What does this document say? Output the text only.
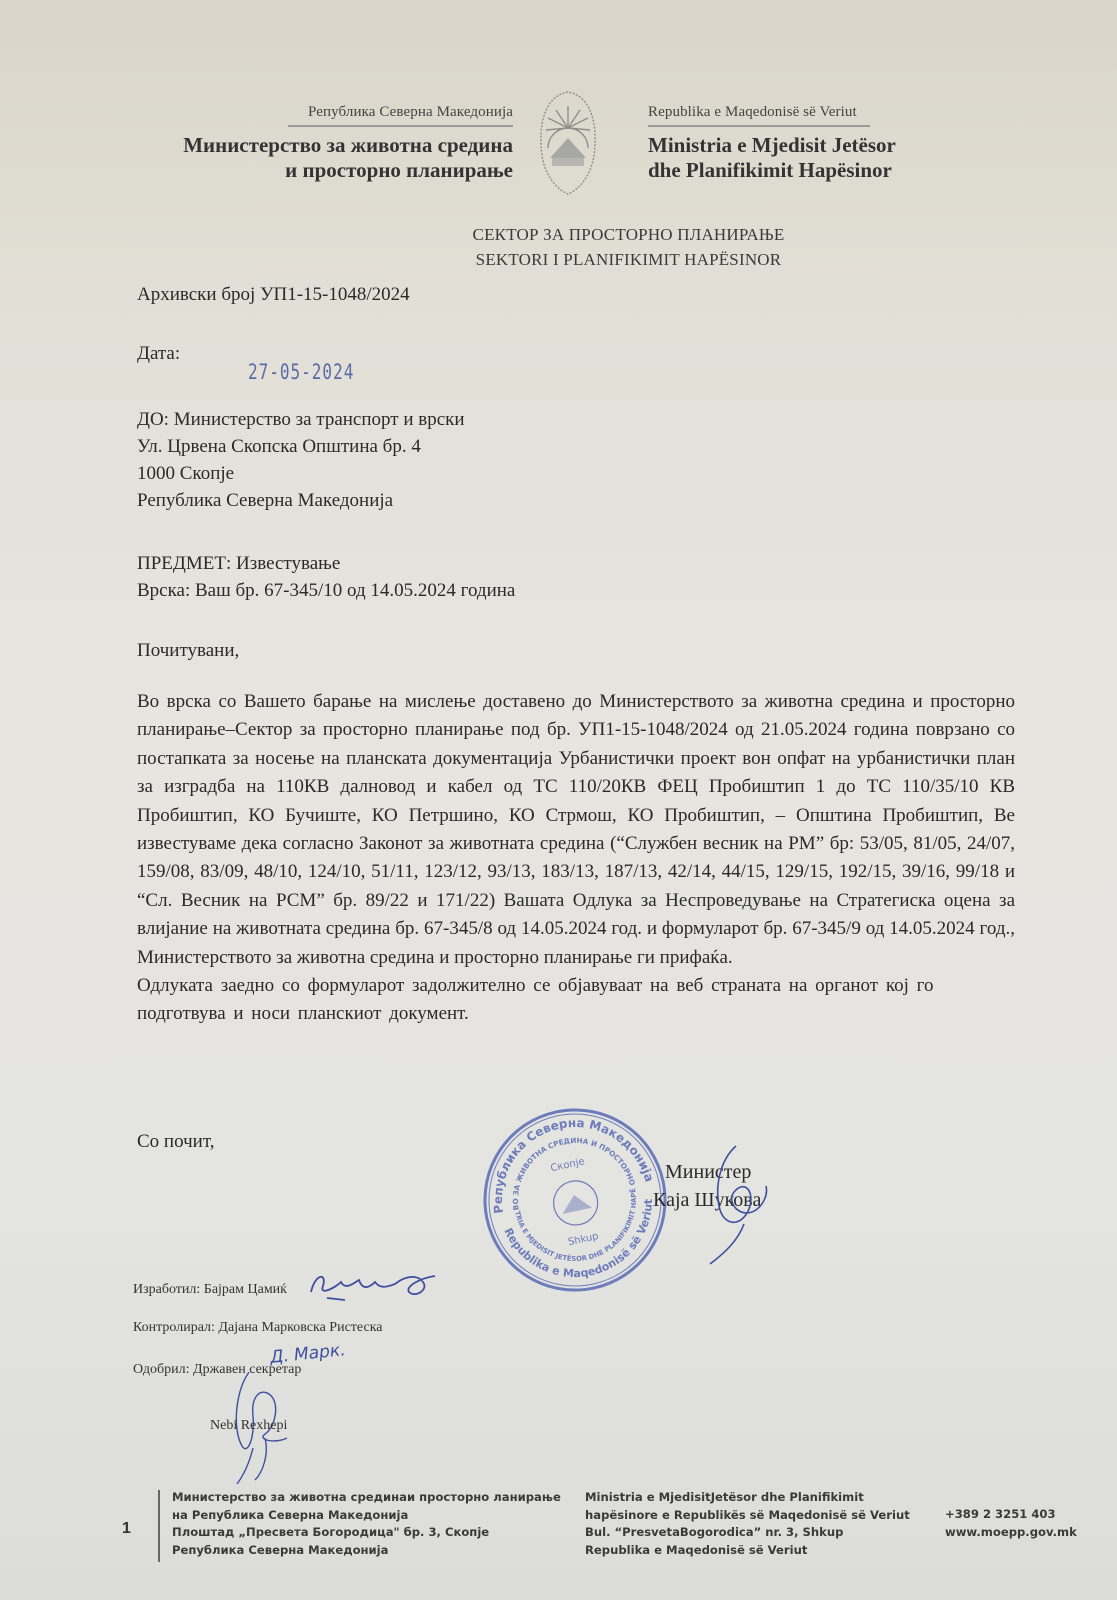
Република Северна Македонија
Министерство за животна средина
и просторно планирање
Republika e Maqedonisë së Veriut
Ministria e Mjedisit Jetësor
dhe Planifikimit Hapësinor
СЕКТОР ЗА ПРОСТОРНО ПЛАНИРАЊЕ
SEKTORI I PLANIFIKIMIT HAPËSINOR
Архивски број УП1-15-1048/2024
Дата:
27-05-2024
ДО: Министерство за транспорт и врски
Ул. Црвена Скопска Општина бр. 4
1000 Скопје
Република Северна Македонија
ПРЕДМЕТ: Известување
Врска: Ваш бр. 67-345/10 од 14.05.2024 година
Почитувани,

Во врска со Вашето барање на мислење доставено до Министерството за животна средина и просторно планирање–Сектор за просторно планирање под бр. УП1-15-1048/2024 од 21.05.2024 година поврзано со постапката за носење на планската документација Урбанистички проект вон опфат на урбанистички план за изградба на 110КВ далновод и кабел од ТС 110/20КВ ФЕЦ Пробиштип 1 до ТС 110/35/10 КВ Пробиштип, КО Бучиште, КО Петршино, КО Стрмош, КО Пробиштип, – Општина Пробиштип, Ве известуваме дека согласно Законот за животната средина (“Службен весник на РМ” бр: 53/05, 81/05, 24/07, 159/08, 83/09, 48/10, 124/10, 51/11, 123/12, 93/13, 183/13, 187/13, 42/14, 44/15, 129/15, 192/15, 39/16, 99/18 и “Сл. Весник на РСМ” бр. 89/22 и 171/22) Вашата Одлука за Неспроведување на Стратегиска оцена за влијание на животната средина бр. 67-345/8 од 14.05.2024 год. и формуларот бр. 67-345/9 од 14.05.2024 год., Министерството за животна средина и просторно планирање ги прифаќа.

Одлуката заедно со формуларот задолжително се објавуваат на веб страната на органот кој го подготвува и носи планскиот документ.

Со почит,
Република Северна Македонија
МИНИСТЕРСТВО ЗА ЖИВОТНА СРЕДИНА И ПРОСТОРНО
Скопје
Shkup
MINISTRIA E MJEDISIT JETËSOR DHE PLANIFIKIMIT HAPËSINOR
Republika e Maqedonisë së Veriut
Министер
Каја Шукова
Изработил: Бајрам Цамиќ
Контролирал: Дајана Марковска Ристеска
Д. Марк.
Одобрил: Државен секретар
Nebi Rexhepi
1
Министерство за животна срединаи просторно ланирање
на Република Северна Македонија
Плоштад „Пресвета Богородица" бр. 3, Скопје
Република Северна Македонија
Ministria e MjedisitJetësor dhe Planifikimit
hapësinore e Republikës së Maqedonisë së Veriut
Bul. “PresvetaBogorodica” nr. 3, Shkup
Republika e Maqedonisë së Veriut
+389 2 3251 403
www.moepp.gov.mk
